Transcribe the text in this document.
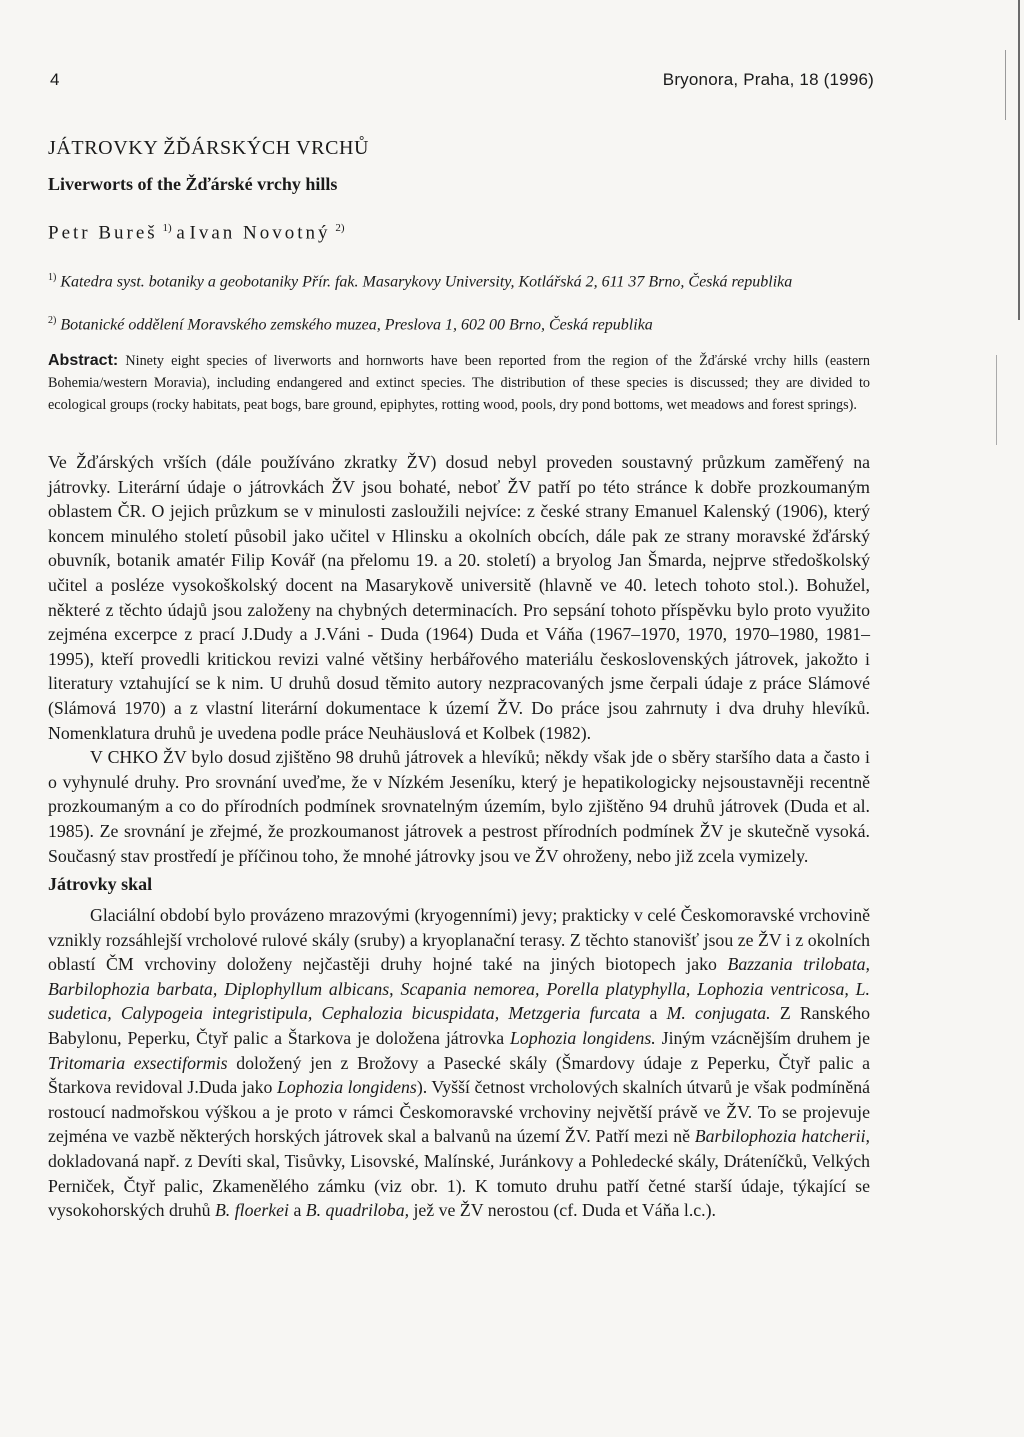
4	Bryonora, Praha, 18 (1996)
JÁTROVKY ŽĎÁRSKÝCH VRCHŮ
Liverworts of the Žďárské vrchy hills
Petr Bureš $^{1)}$ a Ivan Novotný $^{2)}$
$^{1)}$ Katedra syst. botaniky a geobotaniky Přír. fak. Masarykovy University, Kotlářská 2, 611 37 Brno, Česká republika
$^{2)}$ Botanické oddělení Moravského zemského muzea, Preslova 1, 602 00 Brno, Česká republika
Abstract: Ninety eight species of liverworts and hornworts have been reported from the region of the Žďárské vrchy hills (eastern Bohemia/western Moravia), including endangered and extinct species. The distribution of these species is discussed; they are divided to ecological groups (rocky habitats, peat bogs, bare ground, epiphytes, rotting wood, pools, dry pond bottoms, wet meadows and forest springs).

Ve Žďárských vrších (dále používáno zkratky ŽV) dosud nebyl proveden soustavný průzkum zaměřený na játrovky. Literární údaje o játrovkách ŽV jsou bohaté, neboť ŽV patří po této stránce k dobře prozkoumaným oblastem ČR. O jejich průzkum se v minulosti zasloužili nejvíce: z české strany Emanuel Kalenský (1906), který koncem minulého století působil jako učitel v Hlinsku a okolních obcích, dále pak ze strany moravské žďárský obuvník, botanik amatér Filip Kovář (na přelomu 19. a 20. století) a bryolog Jan Šmarda, nejprve středoškolský učitel a posléze vysokoškolský docent na Masarykově universitě (hlavně ve 40. letech tohoto stol.). Bohužel, některé z těchto údajů jsou založeny na chybných determinacích. Pro sepsání tohoto příspěvku bylo proto využito zejména excerpce z prací J.Dudy a J.Váni - Duda (1964) Duda et Váňa (1967–1970, 1970, 1970–1980, 1981–1995), kteří provedli kritickou revizi valné většiny herbářového materiálu československých játrovek, jakožto i literatury vztahující se k nim. U druhů dosud těmito autory nezpracovaných jsme čerpali údaje z práce Slámové (Slámová 1970) a z vlastní literární dokumentace k území ŽV. Do práce jsou zahrnuty i dva druhy hlevíků. Nomenklatura druhů je uvedena podle práce Neuhäuslová et Kolbek (1982).

V CHKO ŽV bylo dosud zjištěno 98 druhů játrovek a hlevíků; někdy však jde o sběry staršího data a často i o vyhynulé druhy. Pro srovnání uveďme, že v Nízkém Jeseníku, který je hepatikologicky nejsoustavněji recentně prozkoumaným a co do přírodních podmínek srovnatelným územím, bylo zjištěno 94 druhů játrovek (Duda et al. 1985). Ze srovnání je zřejmé, že prozkoumanost játrovek a pestrost přírodních podmínek ŽV je skutečně vysoká. Současný stav prostředí je příčinou toho, že mnohé játrovky jsou ve ŽV ohroženy, nebo již zcela vymizely.

Játrovky skal

Glaciální období bylo provázeno mrazovými (kryogenními) jevy; prakticky v celé Českomoravské vrchovině vznikly rozsáhlejší vrcholové rulové skály (sruby) a kryoplanační terasy. Z těchto stanovišť jsou ze ŽV i z okolních oblastí ČM vrchoviny doloženy nejčastěji druhy hojné také na jiných biotopech jako Bazzania trilobata, Barbilophozia barbata, Diplophyllum albicans, Scapania nemorea, Porella platyphylla, Lophozia ventricosa, L. sudetica, Calypogeia integristipula, Cephalozia bicuspidata, Metzgeria furcata a M. conjugata. Z Ranského Babylonu, Peperku, Čtyř palic a Štarkova je doložena játrovka Lophozia longidens. Jiným vzácnějším druhem je Tritomaria exsectiformis doložený jen z Brožovy a Pasecké skály (Šmardovy údaje z Peperku, Čtyř palic a Štarkova revidoval J.Duda jako Lophozia longidens). Vyšší četnost vrcholových skalních útvarů je však podmíněná rostoucí nadmořskou výškou a je proto v rámci Českomoravské vrchoviny největší právě ve ŽV. To se projevuje zejména ve vazbě některých horských játrovek skal a balvanů na území ŽV. Patří mezi ně Barbilophozia hatcherii, dokladovaná např. z Devíti skal, Tisůvky, Lisovské, Malínské, Juránkovy a Pohledecké skály, Dráteníčků, Velkých Perniček, Čtyř palic, Zkamenělého zámku (viz obr. 1). K tomuto druhu patří četné starší údaje, týkající se vysokohorských druhů B. floerkei a B. quadriloba, jež ve ŽV nerostou (cf. Duda et Váňa l.c.).
